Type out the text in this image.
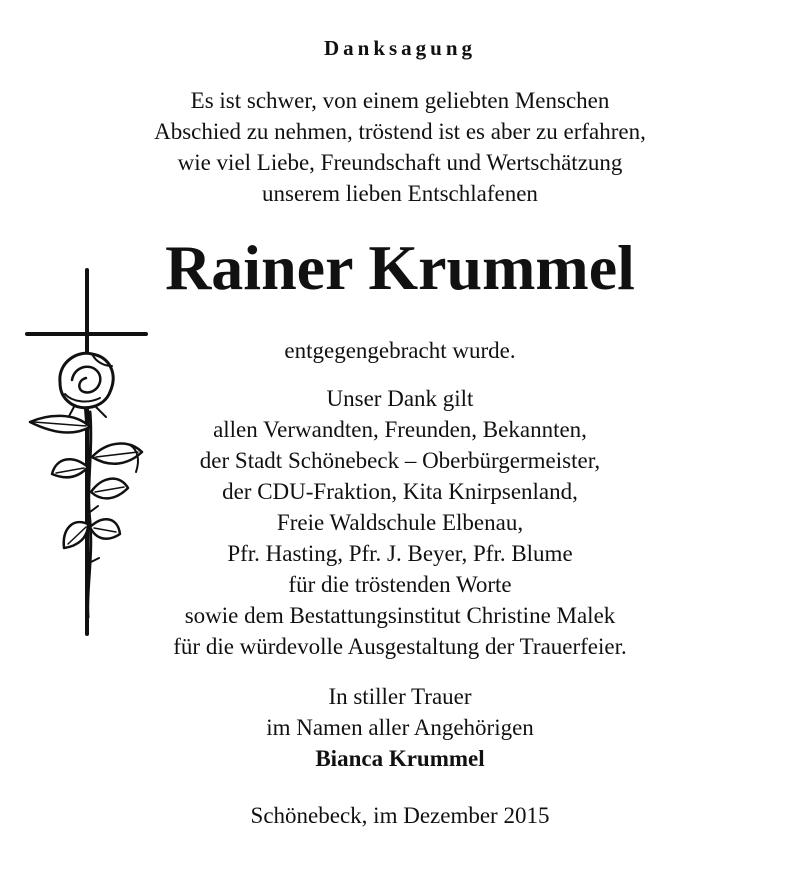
Danksagung
Es ist schwer, von einem geliebten Menschen
Abschied zu nehmen, tröstend ist es aber zu erfahren,
wie viel Liebe, Freundschaft und Wertschätzung
unserem lieben Entschlafenen
Rainer Krummel
entgegengebracht wurde.
Unser Dank gilt
allen Verwandten, Freunden, Bekannten,
der Stadt Schönebeck – Oberbürgermeister,
der CDU-Fraktion, Kita Knirpsenland,
Freie Waldschule Elbenau,
Pfr. Hasting, Pfr. J. Beyer, Pfr. Blume
für die tröstenden Worte
sowie dem Bestattungsinstitut Christine Malek
für die würdevolle Ausgestaltung der Trauerfeier.
In stiller Trauer
im Namen aller Angehörigen
Bianca Krummel
Schönebeck, im Dezember 2015
